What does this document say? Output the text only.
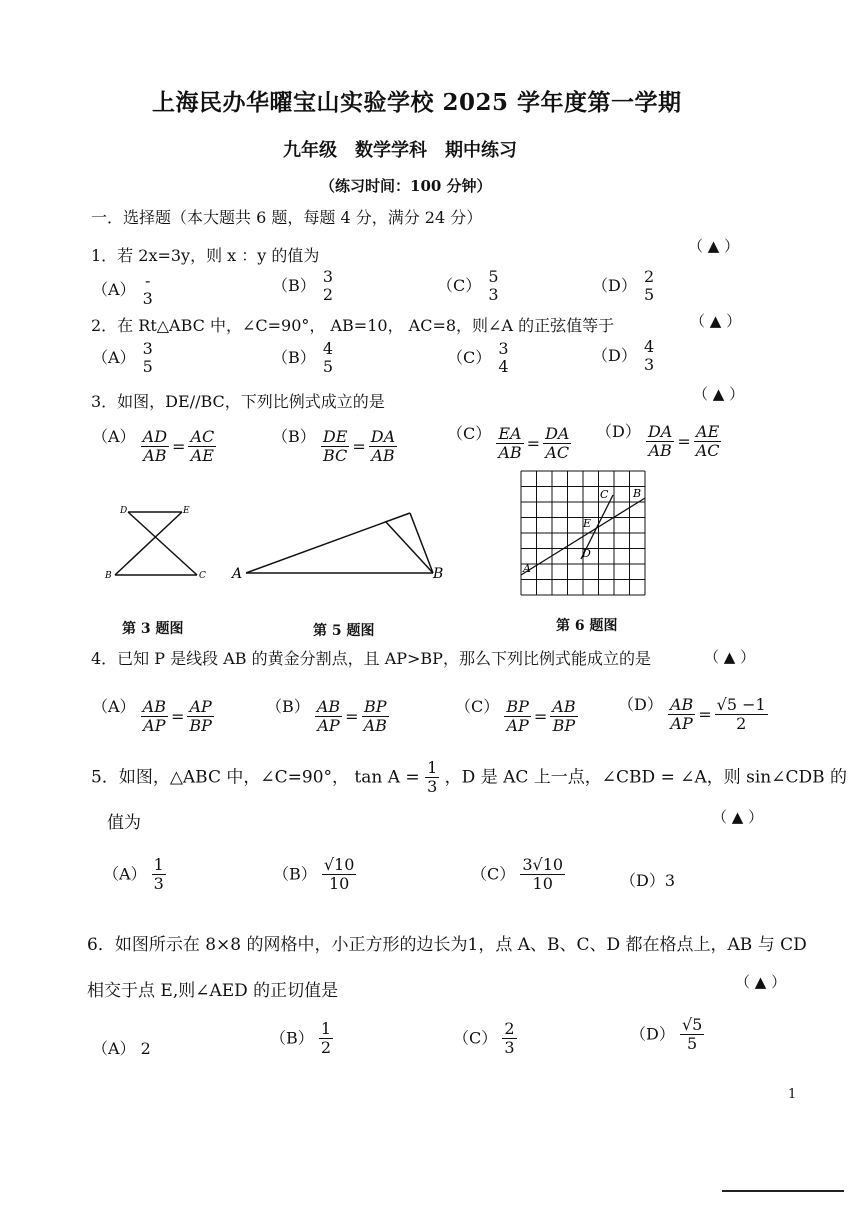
上海民办华曜宝山实验学校 2025 学年度第一学期
九年级　数学学科　期中练习
（练习时间：100 分钟）
一．选择题（本大题共 6 题，每题 4 分，满分 24 分）
1．若 2x=3y，则 x ：y 的值为	（ ▲ ）
（A） -
3
（B） 3
2	（C） 5
3	（D） 2
5
2．在 Rt△ABC 中，∠C=90°， AB=10， AC=8，则∠A 的正弦值等于	（ ▲ ）
（A） 3
5	（B） 4
5	（C） 3
4
（D） 4
3
3．如图，DE//BC，下列比例式成立的是	（ ▲ ）
$(A) \frac{AD}{AB} = \frac{AC}{AE}$	$(B) \frac{DE}{BC} = \frac{DA}{AB}$	$(C) \frac{EA}{AB} = \frac{DA}{AC} (D) \frac{DA}{AB} = \frac{AE}{AC}$
D	E
B	C A	B	A
B
C
D
E
第 3 题图	第 5 题图	第 6 题图
4．已知 P 是线段 AB 的黄金分割点，且 AP>BP，那么下列比例式能成立的是	（ ▲ ）
$(A) \frac{AB}{AP} = \frac{AP}{BP}$	$(B) \frac{AB}{AP} = \frac{BP}{AB}$	$(C) \frac{BP}{AP} = \frac{AB}{BP}$	$(D) \frac{AB}{AP} = \frac{√5 -1}{2}$
5．如图，△ABC 中，∠C=90°， $\tan A = \frac{1}{3}$ ，D 是 AC 上一点，∠CBD = ∠A，则 sin∠CDB 的
值为	（ ▲ ）
$(A) \frac{1}{3}$	$(B) \frac{√10}{10}$	$(C) \frac{3√10}{10}$	（D）3
6．如图所示在 8×8 的网格中，小正方形的边长为1，点 A、B、C、D 都在格点上，AB 与 CD
相交于点 E,则∠AED 的正切值是	（ ▲ ）
（A） 2
$(B) \frac{1}{2}$	$(C) \frac{2}{3}$	$(D) \frac{√5}{5}$
1
